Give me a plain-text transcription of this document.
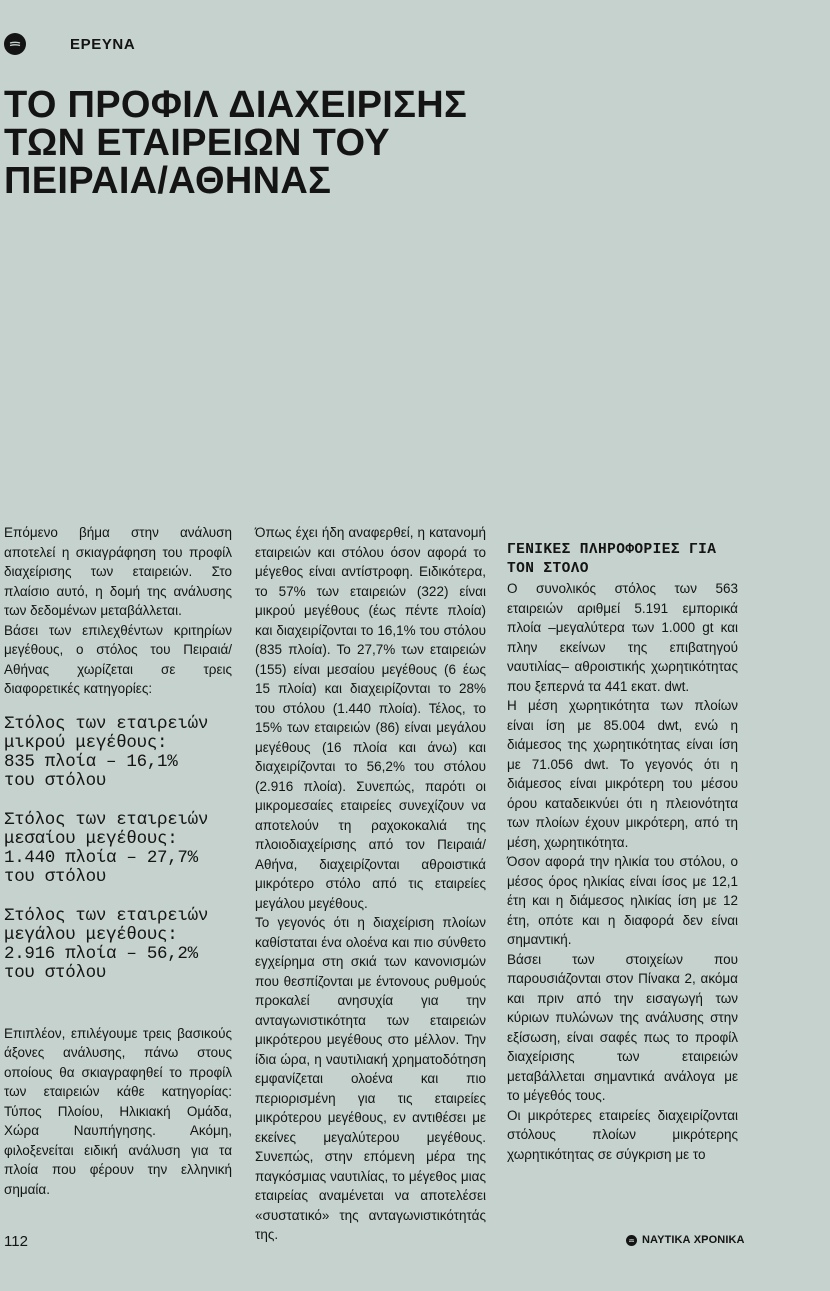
ΕΡΕΥΝΑ
ΤΟ ΠΡΟΦΙΛ ΔΙΑΧΕΙΡΙΣΗΣ
ΤΩΝ ΕΤΑΙΡΕΙΩΝ ΤΟΥ
ΠΕΙΡΑΙΑ/ΑΘΗΝΑΣ

Επόμενο βήμα στην ανάλυση αποτελεί η σκιαγράφηση του προφίλ διαχείρισης των εταιρειών. Στο πλαίσιο αυτό, η δομή της ανάλυσης των δεδομένων μεταβάλλεται.

Βάσει των επιλεχθέντων κριτηρίων μεγέθους, ο στόλος του Πειραιά/Αθήνας χωρίζεται σε τρεις διαφορετικές κατηγορίες:

Στόλος των εταιρειών
μικρού μεγέθους:
835 πλοία – 16,1%
του στόλου
Στόλος των εταιρειών
μεσαίου μεγέθους:
1.440 πλοία – 27,7%
του στόλου
Στόλος των εταιρειών
μεγάλου μεγέθους:
2.916 πλοία – 56,2%
του στόλου

Επιπλέον, επιλέγουμε τρεις βασικούς άξονες ανάλυσης, πάνω στους οποίους θα σκιαγραφηθεί το προφίλ των εταιρειών κάθε κατηγορίας: Τύπος Πλοίου, Ηλικιακή Ομάδα, Χώρα Ναυπήγησης. Ακόμη, φιλοξενείται ειδική ανάλυση για τα πλοία που φέρουν την ελληνική σημαία.

Όπως έχει ήδη αναφερθεί, η κατανομή εταιρειών και στόλου όσον αφορά το μέγεθος είναι αντίστροφη. Ειδικότερα, το 57% των εταιρειών (322) είναι μικρού μεγέθους (έως πέντε πλοία) και διαχειρίζονται το 16,1% του στόλου (835 πλοία). Το 27,7% των εταιρειών (155) είναι μεσαίου μεγέθους (6 έως 15 πλοία) και διαχειρίζονται το 28% του στόλου (1.440 πλοία). Τέλος, το 15% των εταιρειών (86) είναι μεγάλου μεγέθους (16 πλοία και άνω) και διαχειρίζονται το 56,2% του στόλου (2.916 πλοία). Συνεπώς, παρότι οι μικρομεσαίες εταιρείες συνεχίζουν να αποτελούν τη ραχοκοκαλιά της πλοιοδιαχείρισης από τον Πειραιά/Αθήνα, διαχειρίζονται αθροιστικά μικρότερο στόλο από τις εταιρείες μεγάλου μεγέθους.

Το γεγονός ότι η διαχείριση πλοίων καθίσταται ένα ολοένα και πιο σύνθετο εγχείρημα στη σκιά των κανονισμών που θεσπίζονται με έντονους ρυθμούς προκαλεί ανησυχία για την ανταγωνιστικότητα των εταιρειών μικρότερου μεγέθους στο μέλλον. Την ίδια ώρα, η ναυτιλιακή χρηματοδότηση εμφανίζεται ολοένα και πιο περιορισμένη για τις εταιρείες μικρότερου μεγέθους, εν αντιθέσει με εκείνες μεγαλύτερου μεγέθους. Συνεπώς, στην επόμενη μέρα της παγκόσμιας ναυτιλίας, το μέγεθος μιας εταιρείας αναμένεται να αποτελέσει «συστατικό» της ανταγωνιστικότητάς της.

ΓΕΝΙΚΕΣ ΠΛΗΡΟΦΟΡΙΕΣ ΓΙΑ ΤΟΝ ΣΤΟΛΟ

Ο συνολικός στόλος των 563 εταιρειών αριθμεί 5.191 εμπορικά πλοία –μεγαλύτερα των 1.000 gt και πλην εκείνων της επιβατηγού ναυτιλίας– αθροιστικής χωρητικότητας που ξεπερνά τα 441 εκατ. dwt.

Η μέση χωρητικότητα των πλοίων είναι ίση με 85.004 dwt, ενώ η διάμεσος της χωρητικότητας είναι ίση με 71.056 dwt. Το γεγονός ότι η διάμεσος είναι μικρότερη του μέσου όρου καταδεικνύει ότι η πλειονότητα των πλοίων έχουν μικρότερη, από τη μέση, χωρητικότητα.

Όσον αφορά την ηλικία του στόλου, ο μέσος όρος ηλικίας είναι ίσος με 12,1 έτη και η διάμεσος ηλικίας ίση με 12 έτη, οπότε και η διαφορά δεν είναι σημαντική.

Βάσει των στοιχείων που παρουσιάζονται στον Πίνακα 2, ακόμα και πριν από την εισαγωγή των κύριων πυλώνων της ανάλυσης στην εξίσωση, είναι σαφές πως το προφίλ διαχείρισης των εταιρειών μεταβάλλεται σημαντικά ανάλογα με το μέγεθός τους.

Οι μικρότερες εταιρείες διαχειρίζονται στόλους πλοίων μικρότερης χωρητικότητας σε σύγκριση με το

112	ΝΑΥΤΙΚΑ ΧΡΟΝΙΚΑ
